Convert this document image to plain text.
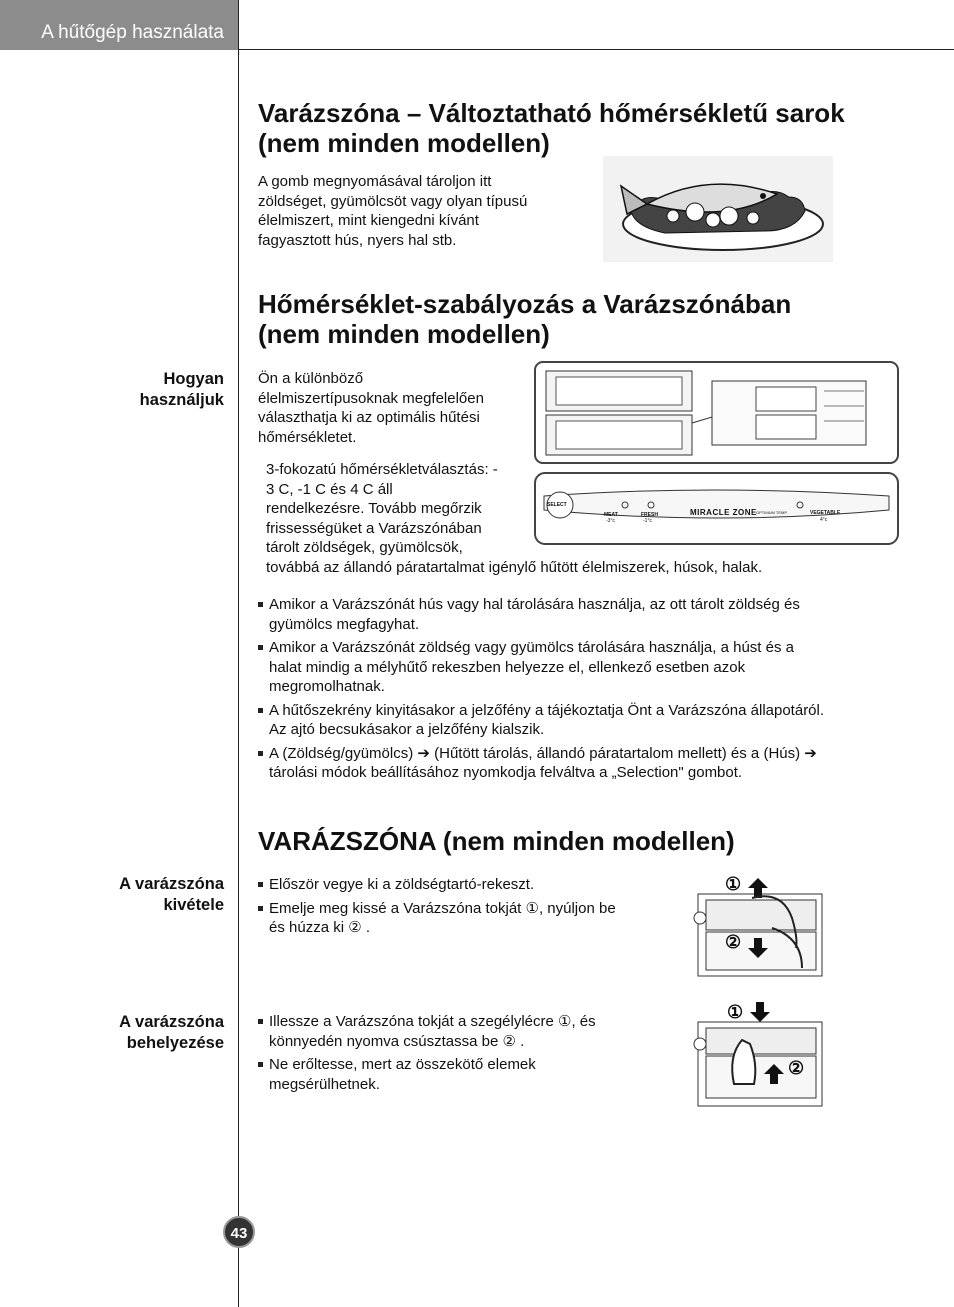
A hűtőgép használata
Varázszóna – Változtatható hőmérsékletű sarok
(nem minden modellen)
A gomb megnyomásával tároljon itt
zöldséget, gyümölcsöt vagy olyan típusú
élelmiszert, mint kiengedni kívánt
fagyasztott hús, nyers hal stb.
Hőmérséklet-szabályozás a Varázszónában
(nem minden modellen)
Hogyan
használjuk
Ön a különböző
élelmiszertípusoknak megfelelően
választhatja ki az optimális hűtési
hőmérsékletet.
3-fokozatú hőmérsékletválasztás: -
3 C, -1 C és 4 C áll
rendelkezésre. Tovább megőrzik
frissességüket a Varázszónában
tárolt zöldségek, gyümölcsök,
továbbá az állandó páratartalmat igénylő hűtött élelmiszerek, húsok, halak.
SELECT
MEAT
-3°c
FRESH
-1°c
MIRACLE ZONE OPTIMUM TEMP.	VEGETABLE
4°c
Amikor a Varázszónát hús vagy hal tárolására használja, az ott tárolt zöldség és
gyümölcs megfagyhat.
Amikor a Varázszónát zöldség vagy gyümölcs tárolására használja, a húst és a
halat mindig a mélyhűtő rekeszben helyezze el, ellenkező esetben azok
megromolhatnak.
A hűtőszekrény kinyitásakor a jelzőfény a tájékoztatja Önt a Varázszóna állapotáról.
Az ajtó becsukásakor a jelzőfény kialszik.
A (Zöldség/gyümölcs) ➔ (Hűtött tárolás, állandó páratartalom mellett) és a (Hús) ➔
tárolási módok beállításához nyomkodja felváltva a „Selection" gombot.
VARÁZSZÓNA (nem minden modellen)
A varázszóna
kivétele
Először vegye ki a zöldségtartó-rekeszt.
Emelje meg kissé a Varázszóna tokját ①, nyúljon be
és húzza ki ② .
①
②
A varázszóna
behelyezése
Illessze a Varázszóna tokját a szegélylécre ①, és
könnyedén nyomva csúsztassa be ② .
Ne erőltesse, mert az összekötő elemek
megsérülhetnek.
①
②
43
